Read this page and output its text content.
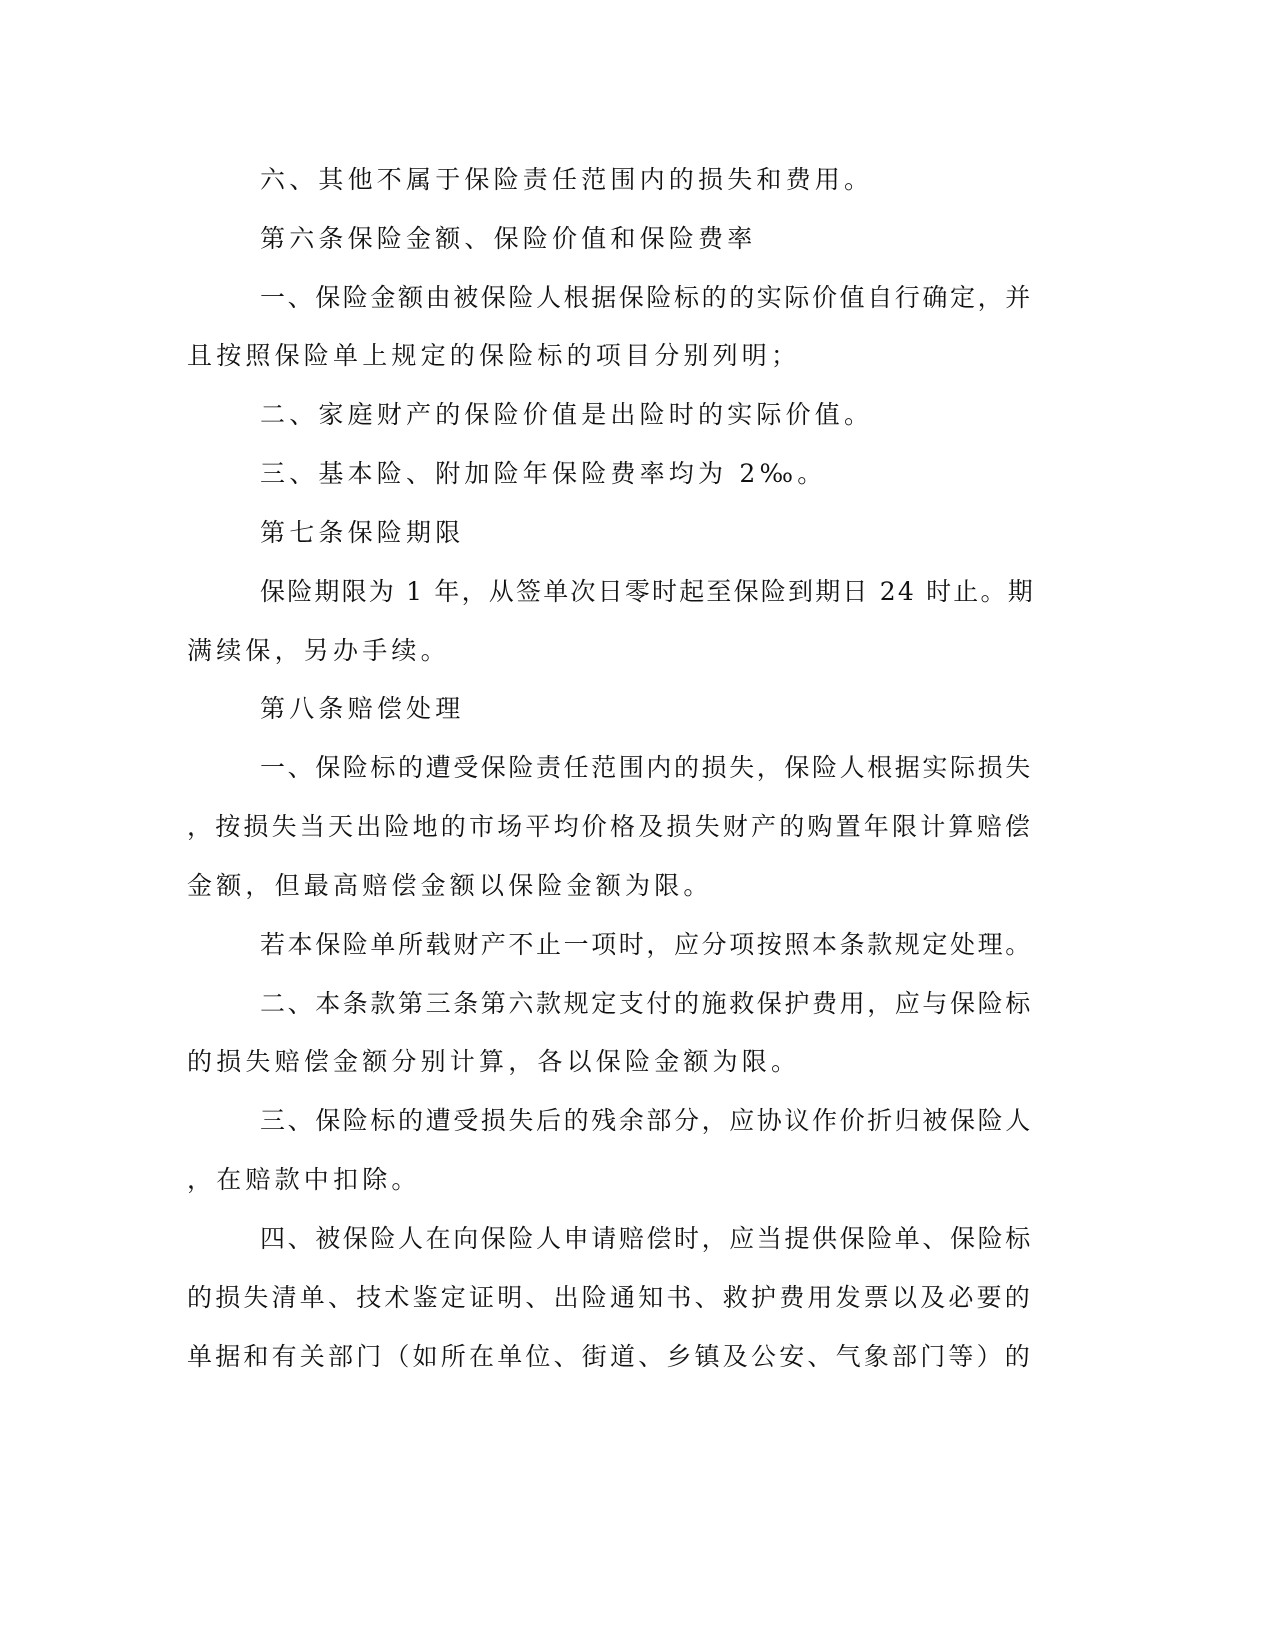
六、其他不属于保险责任范围内的损失和费用。
第六条保险金额、保险价值和保险费率
一、保险金额由被保险人根据保险标的的实际价值自行确定，并
且按照保险单上规定的保险标的项目分别列明；
二、家庭财产的保险价值是出险时的实际价值。
三、基本险、附加险年保险费率均为 2‰。
第七条保险期限
保险期限为 1 年，从签单次日零时起至保险到期日 24 时止。期
满续保，另办手续。
第八条赔偿处理
一、保险标的遭受保险责任范围内的损失，保险人根据实际损失
，按损失当天出险地的市场平均价格及损失财产的购置年限计算赔偿
金额，但最高赔偿金额以保险金额为限。
若本保险单所载财产不止一项时，应分项按照本条款规定处理。
二、本条款第三条第六款规定支付的施救保护费用，应与保险标
的损失赔偿金额分别计算，各以保险金额为限。
三、保险标的遭受损失后的残余部分，应协议作价折归被保险人
，在赔款中扣除。
四、被保险人在向保险人申请赔偿时，应当提供保险单、保险标
的损失清单、技术鉴定证明、出险通知书、救护费用发票以及必要的
单据和有关部门（如所在单位、街道、乡镇及公安、气象部门等）的
